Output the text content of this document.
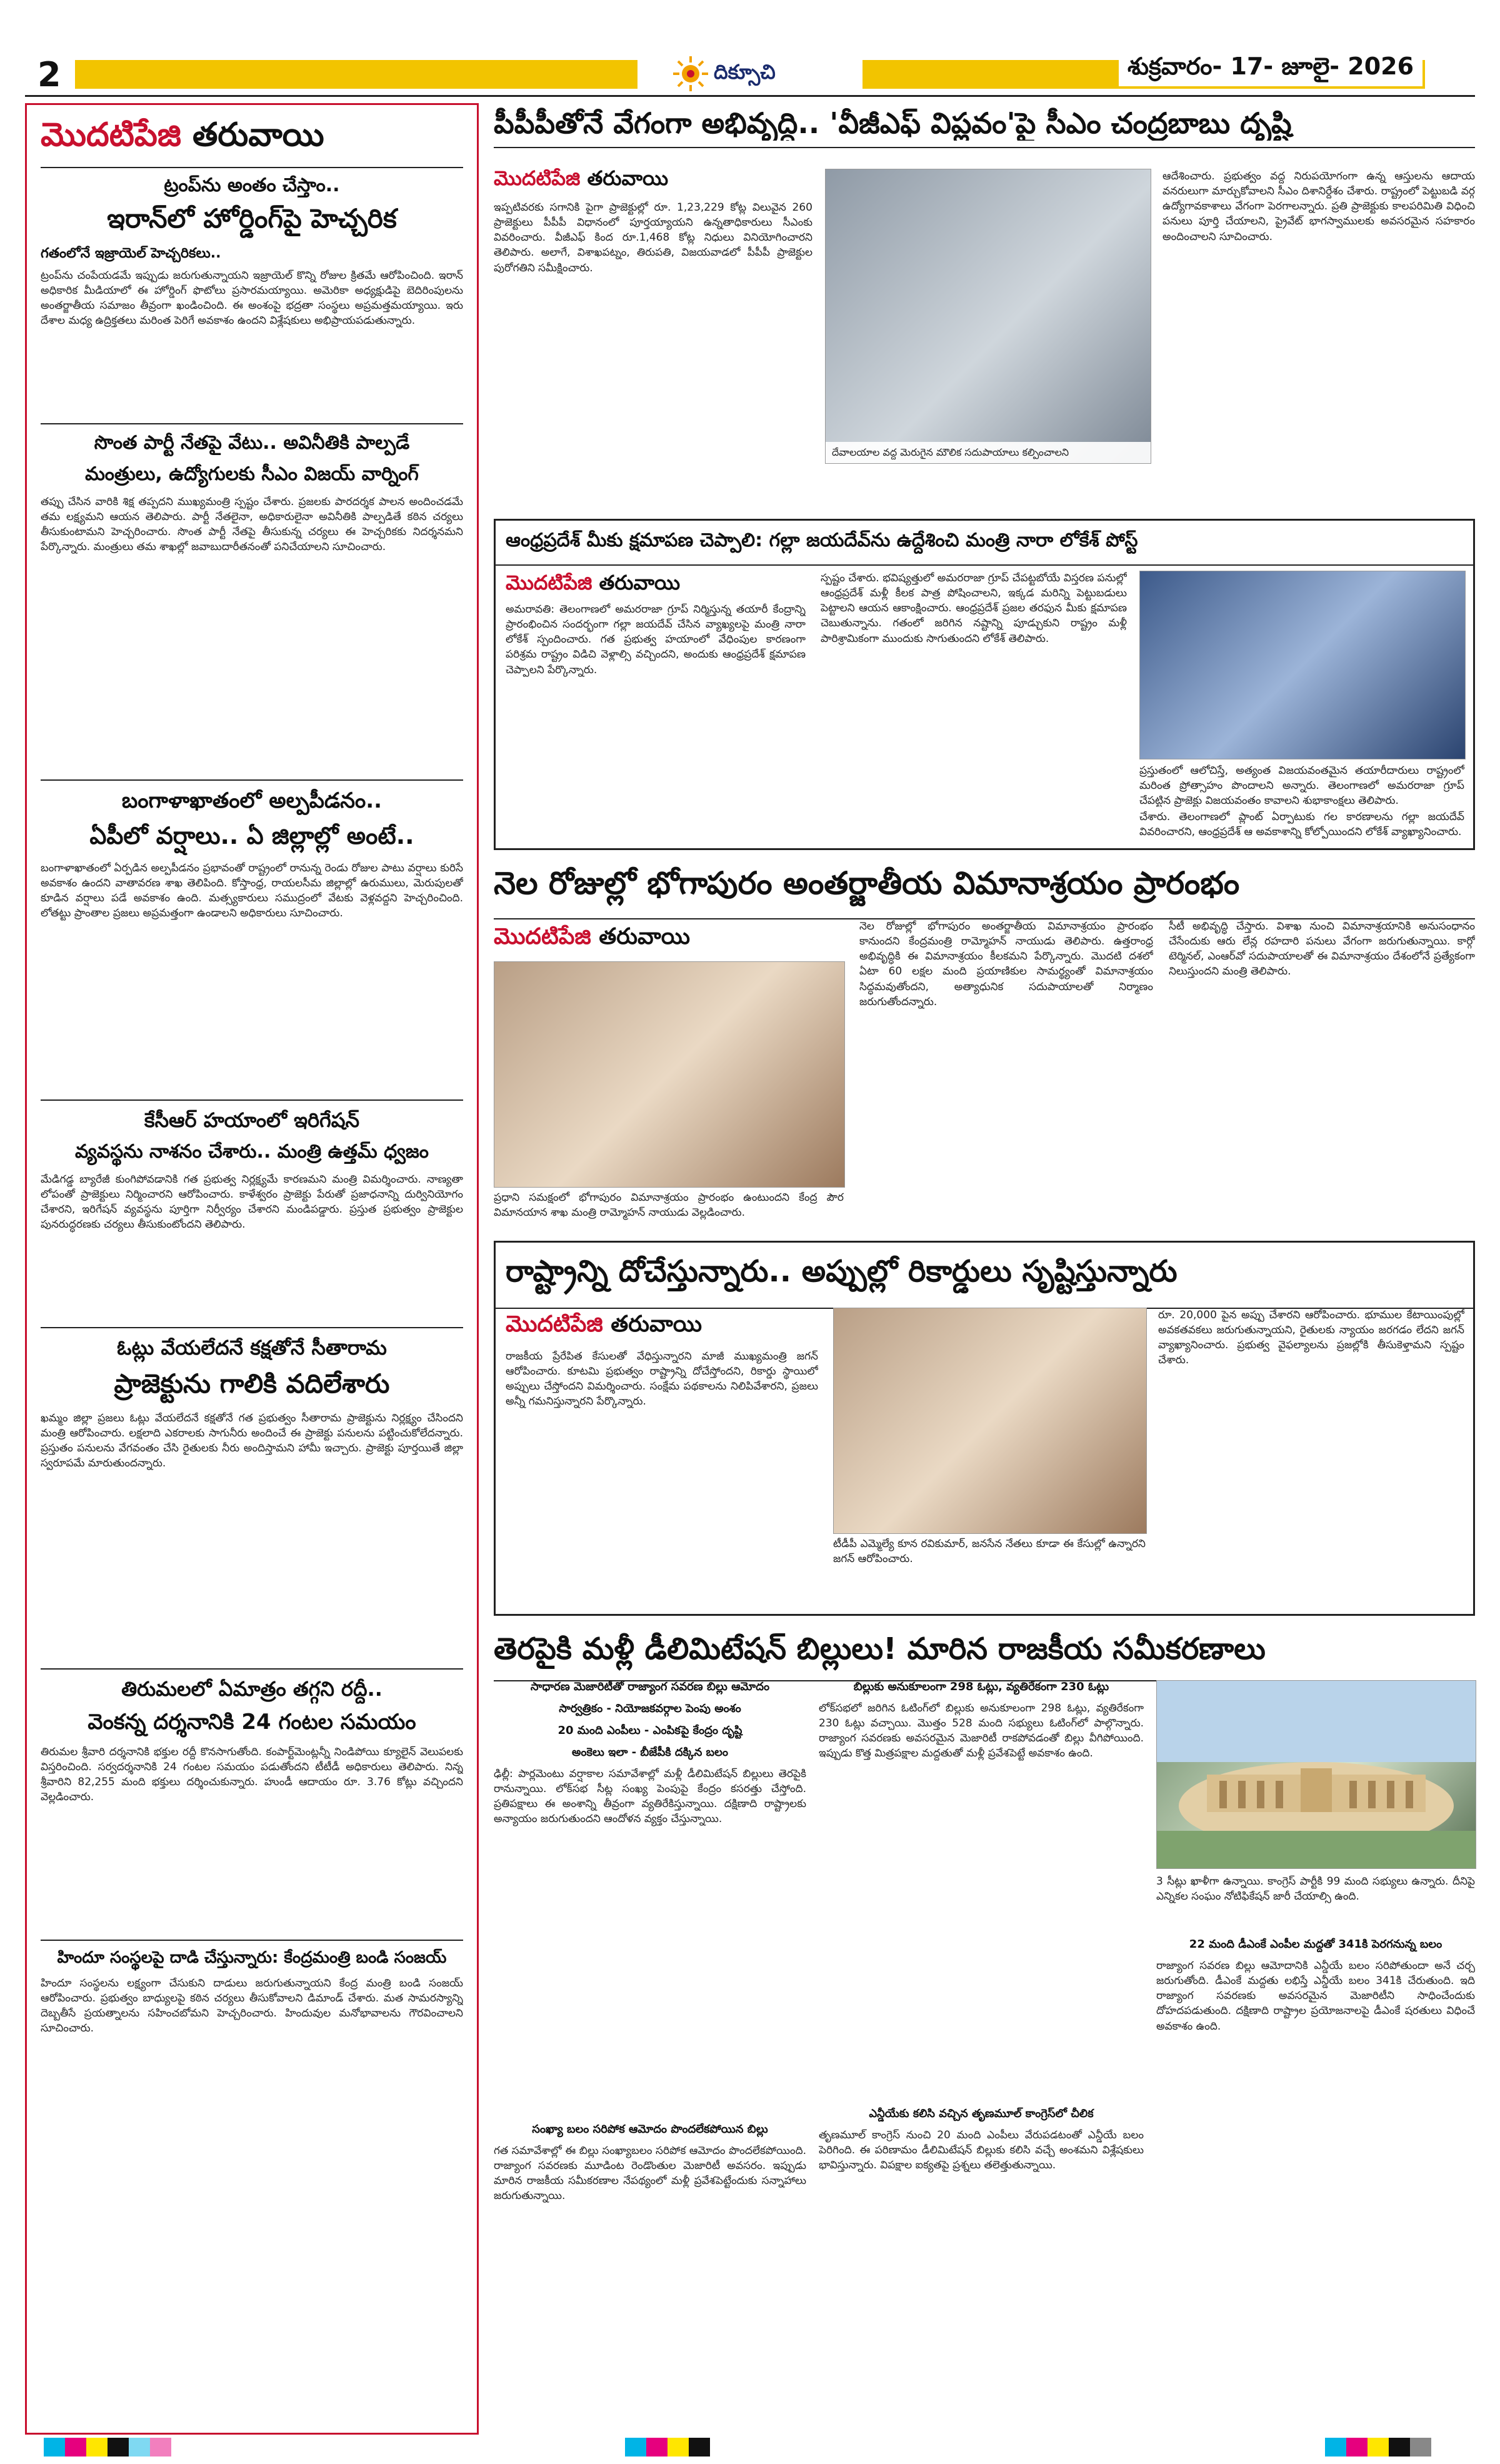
2	దిక్సూచి	శుక్రవారం- 17- జూలై- 2026
మొదటిపేజి తరువాయి
ట్రంప్‌ను అంతం చేస్తాం..
ఇరాన్‌లో హోర్డింగ్‌పై హెచ్చరిక
గతంలోనే ఇజ్రాయెల్ హెచ్చరికలు..
ట్రంప్‌ను చంపేయడమే ఇప్పుడు జరుగుతున్నాయని ఇజ్రాయెల్ కొన్ని రోజుల క్రితమే ఆరోపించింది. ఇరాన్ అధికారిక మీడియాలో ఈ హోర్డింగ్ ఫొటోలు ప్రసారమయ్యాయి. అమెరికా అధ్యక్షుడిపై బెదిరింపులను అంతర్జాతీయ సమాజం తీవ్రంగా ఖండించింది. ఈ అంశంపై భద్రతా సంస్థలు అప్రమత్తమయ్యాయి. ఇరు దేశాల మధ్య ఉద్రిక్తతలు మరింత పెరిగే అవకాశం ఉందని విశ్లేషకులు అభిప్రాయపడుతున్నారు.
సొంత పార్టీ నేతపై వేటు.. అవినీతికి పాల్పడే
మంత్రులు, ఉద్యోగులకు సీఎం విజయ్ వార్నింగ్
తప్పు చేసిన వారికి శిక్ష తప్పదని ముఖ్యమంత్రి స్పష్టం చేశారు. ప్రజలకు పారదర్శక పాలన అందించడమే తమ లక్ష్యమని ఆయన తెలిపారు. పార్టీ నేతలైనా, అధికారులైనా అవినీతికి పాల్పడితే కఠిన చర్యలు తీసుకుంటామని హెచ్చరించారు. సొంత పార్టీ నేతపై తీసుకున్న చర్యలు ఈ హెచ్చరికకు నిదర్శనమని పేర్కొన్నారు. మంత్రులు తమ శాఖల్లో జవాబుదారీతనంతో పనిచేయాలని సూచించారు.
బంగాళాఖాతంలో అల్పపీడనం..
ఏపీలో వర్షాలు.. ఏ జిల్లాల్లో అంటే..
బంగాళాఖాతంలో ఏర్పడిన అల్పపీడనం ప్రభావంతో రాష్ట్రంలో రానున్న రెండు రోజుల పాటు వర్షాలు కురిసే అవకాశం ఉందని వాతావరణ శాఖ తెలిపింది. కోస్తాంధ్ర, రాయలసీమ జిల్లాల్లో ఉరుములు, మెరుపులతో కూడిన వర్షాలు పడే అవకాశం ఉంది. మత్స్యకారులు సముద్రంలో వేటకు వెళ్లవద్దని హెచ్చరించింది. లోతట్టు ప్రాంతాల ప్రజలు అప్రమత్తంగా ఉండాలని అధికారులు సూచించారు.
కేసీఆర్ హయాంలో ఇరిగేషన్
వ్యవస్థను నాశనం చేశారు.. మంత్రి ఉత్తమ్ ధ్వజం
మేడిగడ్డ బ్యారేజీ కుంగిపోవడానికి గత ప్రభుత్వ నిర్లక్ష్యమే కారణమని మంత్రి విమర్శించారు. నాణ్యతా లోపంతో ప్రాజెక్టులు నిర్మించారని ఆరోపించారు. కాళేశ్వరం ప్రాజెక్టు పేరుతో ప్రజాధనాన్ని దుర్వినియోగం చేశారని, ఇరిగేషన్ వ్యవస్థను పూర్తిగా నిర్వీర్యం చేశారని మండిపడ్డారు. ప్రస్తుత ప్రభుత్వం ప్రాజెక్టుల పునరుద్ధరణకు చర్యలు తీసుకుంటోందని తెలిపారు.
ఓట్లు వేయలేదనే కక్షతోనే సీతారామ
ప్రాజెక్టును గాలికి వదిలేశారు
ఖమ్మం జిల్లా ప్రజలు ఓట్లు వేయలేదనే కక్షతోనే గత ప్రభుత్వం సీతారామ ప్రాజెక్టును నిర్లక్ష్యం చేసిందని మంత్రి ఆరోపించారు. లక్షలాది ఎకరాలకు సాగునీరు అందించే ఈ ప్రాజెక్టు పనులను పట్టించుకోలేదన్నారు. ప్రస్తుతం పనులను వేగవంతం చేసి రైతులకు నీరు అందిస్తామని హామీ ఇచ్చారు. ప్రాజెక్టు పూర్తయితే జిల్లా స్వరూపమే మారుతుందన్నారు.
తిరుమలలో ఏమాత్రం తగ్గని రద్దీ..
వెంకన్న దర్శనానికి 24 గంటల సమయం
తిరుమల శ్రీవారి దర్శనానికి భక్తుల రద్దీ కొనసాగుతోంది. కంపార్ట్‌మెంట్లన్నీ నిండిపోయి క్యూలైన్ వెలుపలకు విస్తరించింది. సర్వదర్శనానికి 24 గంటల సమయం పడుతోందని టీటీడీ అధికారులు తెలిపారు. నిన్న శ్రీవారిని 82,255 మంది భక్తులు దర్శించుకున్నారు. హుండీ ఆదాయం రూ. 3.76 కోట్లు వచ్చిందని వెల్లడించారు.
హిందూ సంస్థలపై దాడి చేస్తున్నారు: కేంద్రమంత్రి బండి సంజయ్
హిందూ సంస్థలను లక్ష్యంగా చేసుకుని దాడులు జరుగుతున్నాయని కేంద్ర మంత్రి బండి సంజయ్ ఆరోపించారు. ప్రభుత్వం బాధ్యులపై కఠిన చర్యలు తీసుకోవాలని డిమాండ్ చేశారు. మత సామరస్యాన్ని దెబ్బతీసే ప్రయత్నాలను సహించబోమని హెచ్చరించారు. హిందువుల మనోభావాలను గౌరవించాలని సూచించారు.
పీపీపీతోనే వేగంగా అభివృద్ధి.. 'వీజీఎఫ్ విప్లవం'పై సీఎం చంద్రబాబు దృష్టి
మొదటిపేజి తరువాయి
ఇప్పటివరకు సగానికి పైగా ప్రాజెక్టుల్లో రూ. 1,23,229 కోట్ల విలువైన 260 ప్రాజెక్టులు పీపీపీ విధానంలో పూర్తయ్యాయని ఉన్నతాధికారులు సీఎంకు వివరించారు. వీజీఎఫ్ కింద రూ.1,468 కోట్ల నిధులు వినియోగించారని తెలిపారు. అలాగే, విశాఖపట్నం, తిరుపతి, విజయవాడలో పీపీపీ ప్రాజెక్టుల పురోగతిని సమీక్షించారు.
దేవాలయాల వద్ద మెరుగైన మౌలిక సదుపాయాలు కల్పించాలని
ఆదేశించారు. ప్రభుత్వం వద్ద నిరుపయోగంగా ఉన్న ఆస్తులను ఆదాయ వనరులుగా మార్చుకోవాలని సీఎం దిశానిర్దేశం చేశారు. రాష్ట్రంలో పెట్టుబడి వర్గ ఉద్యోగావకాశాలు వేగంగా పెరగాలన్నారు. ప్రతి ప్రాజెక్టుకు కాలపరిమితి విధించి పనులు పూర్తి చేయాలని, ప్రైవేట్ భాగస్వాములకు అవసరమైన సహకారం అందించాలని సూచించారు.
ఆంధ్రప్రదేశ్ మీకు క్షమాపణ చెప్పాలి: గల్లా జయదేవ్‌ను ఉద్దేశించి మంత్రి నారా లోకేశ్ పోస్ట్
మొదటిపేజి తరువాయి
అమరావతి: తెలంగాణలో అమరరాజా గ్రూప్ నిర్మిస్తున్న తయారీ కేంద్రాన్ని ప్రారంభించిన సందర్భంగా గల్లా జయదేవ్ చేసిన వ్యాఖ్యలపై మంత్రి నారా లోకేశ్ స్పందించారు. గత ప్రభుత్వ హయాంలో వేధింపుల కారణంగా పరిశ్రమ రాష్ట్రం విడిచి వెళ్లాల్సి వచ్చిందని, అందుకు ఆంధ్రప్రదేశ్ క్షమాపణ చెప్పాలని పేర్కొన్నారు.
స్పష్టం చేశారు. భవిష్యత్తులో అమరరాజా గ్రూప్ చేపట్టబోయే విస్తరణ పనుల్లో ఆంధ్రప్రదేశ్ మళ్లీ కీలక పాత్ర పోషించాలని, ఇక్కడ మరిన్ని పెట్టుబడులు పెట్టాలని ఆయన ఆకాంక్షించారు. ఆంధ్రప్రదేశ్ ప్రజల తరఫున మీకు క్షమాపణ చెబుతున్నాను. గతంలో జరిగిన నష్టాన్ని పూడ్చుకుని రాష్ట్రం మళ్లీ పారిశ్రామికంగా ముందుకు సాగుతుందని లోకేశ్ తెలిపారు.
ప్రస్తుతంలో ఆలోచిస్తే, అత్యంత విజయవంతమైన తయారీదారులు రాష్ట్రంలో మరింత ప్రోత్సాహం పొందాలని అన్నారు. తెలంగాణలో అమరరాజా గ్రూప్ చేపట్టిన ప్రాజెక్టు విజయవంతం కావాలని శుభాకాంక్షలు తెలిపారు.
చేశారు. తెలంగాణలో ప్లాంట్ ఏర్పాటుకు గల కారణాలను గల్లా జయదేవ్ వివరించారని, ఆంధ్రప్రదేశ్ ఆ అవకాశాన్ని కోల్పోయిందని లోకేశ్ వ్యాఖ్యానించారు.
నెల రోజుల్లో భోగాపురం అంతర్జాతీయ విమానాశ్రయం ప్రారంభం
మొదటిపేజి తరువాయి
ప్రధాని సమక్షంలో భోగాపురం విమానాశ్రయం ప్రారంభం ఉంటుందని కేంద్ర పౌర విమానయాన శాఖ మంత్రి రామ్మోహన్ నాయుడు వెల్లడించారు.
నెల రోజుల్లో భోగాపురం అంతర్జాతీయ విమానాశ్రయం ప్రారంభం కానుందని కేంద్రమంత్రి రామ్మోహన్ నాయుడు తెలిపారు. ఉత్తరాంధ్ర అభివృద్ధికి ఈ విమానాశ్రయం కీలకమని పేర్కొన్నారు. మొదటి దశలో ఏటా 60 లక్షల మంది ప్రయాణికుల సామర్థ్యంతో విమానాశ్రయం సిద్ధమవుతోందని, అత్యాధునిక సదుపాయాలతో నిర్మాణం జరుగుతోందన్నారు.
సీటీ అభివృద్ధి చేస్తారు. విశాఖ నుంచి విమానాశ్రయానికి అనుసంధానం చేసేందుకు ఆరు లేన్ల రహదారి పనులు వేగంగా జరుగుతున్నాయి. కార్గో టెర్మినల్, ఎంఆర్‌వో సదుపాయాలతో ఈ విమానాశ్రయం దేశంలోనే ప్రత్యేకంగా నిలుస్తుందని మంత్రి తెలిపారు.
రాష్ట్రాన్ని దోచేస్తున్నారు.. అప్పుల్లో రికార్డులు సృష్టిస్తున్నారు
మొదటిపేజి తరువాయి
రాజకీయ ప్రేరేపిత కేసులతో వేధిస్తున్నారని మాజీ ముఖ్యమంత్రి జగన్ ఆరోపించారు. కూటమి ప్రభుత్వం రాష్ట్రాన్ని దోచేస్తోందని, రికార్డు స్థాయిలో అప్పులు చేస్తోందని విమర్శించారు. సంక్షేమ పథకాలను నిలిపివేశారని, ప్రజలు అన్నీ గమనిస్తున్నారని పేర్కొన్నారు.
టీడీపీ ఎమ్మెల్యే కూన రవికుమార్, జనసేన నేతలు కూడా ఈ కేసుల్లో ఉన్నారని జగన్ ఆరోపించారు.
రూ. 20,000 పైన అప్పు చేశారని ఆరోపించారు. భూముల కేటాయింపుల్లో అవకతవకలు జరుగుతున్నాయని, రైతులకు న్యాయం జరగడం లేదని జగన్ వ్యాఖ్యానించారు. ప్రభుత్వ వైఫల్యాలను ప్రజల్లోకి తీసుకెళ్తామని స్పష్టం చేశారు.
తెరపైకి మళ్లీ డీలిమిటేషన్ బిల్లులు! మారిన రాజకీయ సమీకరణాలు
సాధారణ మెజారిటీతో రాజ్యాంగ సవరణ బిల్లు ఆమోదం
సార్వత్రికం - నియోజకవర్గాల పెంపు అంశం
20 మంది ఎంపీలు - ఎంపికపై కేంద్రం దృష్టి
అంకెలు ఇలా - బీజేపీకి దక్కిన బలం
ఢిల్లీ: పార్లమెంటు వర్షాకాల సమావేశాల్లో మళ్లీ డీలిమిటేషన్ బిల్లులు తెరపైకి రానున్నాయి. లోక్‌సభ సీట్ల సంఖ్య పెంపుపై కేంద్రం కసరత్తు చేస్తోంది. ప్రతిపక్షాలు ఈ అంశాన్ని తీవ్రంగా వ్యతిరేకిస్తున్నాయి. దక్షిణాది రాష్ట్రాలకు అన్యాయం జరుగుతుందని ఆందోళన వ్యక్తం చేస్తున్నాయి.
సంఖ్యా బలం సరిపోక ఆమోదం పొందలేకపోయిన బిల్లు
గత సమావేశాల్లో ఈ బిల్లు సంఖ్యాబలం సరిపోక ఆమోదం పొందలేకపోయింది. రాజ్యాంగ సవరణకు మూడింట రెండొంతుల మెజారిటీ అవసరం. ఇప్పుడు మారిన రాజకీయ సమీకరణాల నేపథ్యంలో మళ్లీ ప్రవేశపెట్టేందుకు సన్నాహాలు జరుగుతున్నాయి.
బిల్లుకు అనుకూలంగా 298 ఓట్లు, వ్యతిరేకంగా 230 ఓట్లు
లోక్‌సభలో జరిగిన ఓటింగ్‌లో బిల్లుకు అనుకూలంగా 298 ఓట్లు, వ్యతిరేకంగా 230 ఓట్లు వచ్చాయి. మొత్తం 528 మంది సభ్యులు ఓటింగ్‌లో పాల్గొన్నారు. రాజ్యాంగ సవరణకు అవసరమైన మెజారిటీ రాకపోవడంతో బిల్లు వీగిపోయింది. ఇప్పుడు కొత్త మిత్రపక్షాల మద్దతుతో మళ్లీ ప్రవేశపెట్టే అవకాశం ఉంది.
ఎన్డీయేకు కలిసి వచ్చిన తృణమూల్ కాంగ్రెస్‌లో చీలిక
తృణమూల్ కాంగ్రెస్ నుంచి 20 మంది ఎంపీలు వేరుపడటంతో ఎన్డీయే బలం పెరిగింది. ఈ పరిణామం డీలిమిటేషన్ బిల్లుకు కలిసి వచ్చే అంశమని విశ్లేషకులు భావిస్తున్నారు. విపక్షాల ఐక్యతపై ప్రశ్నలు తలెత్తుతున్నాయి.
3 సీట్లు ఖాళీగా ఉన్నాయి. కాంగ్రెస్ పార్టీకి 99 మంది సభ్యులు ఉన్నారు. దీనిపై ఎన్నికల సంఘం నోటిఫికేషన్ జారీ చేయాల్సి ఉంది.
22 మంది డీఎంకే ఎంపీల మద్దతో 341కి పెరగనున్న బలం
రాజ్యాంగ సవరణ బిల్లు ఆమోదానికి ఎన్డీయే బలం సరిపోతుందా అనే చర్చ జరుగుతోంది. డీఎంకే మద్దతు లభిస్తే ఎన్డీయే బలం 341కి చేరుతుంది. ఇది రాజ్యాంగ సవరణకు అవసరమైన మెజారిటీని సాధించేందుకు దోహదపడుతుంది. దక్షిణాది రాష్ట్రాల ప్రయోజనాలపై డీఎంకే షరతులు విధించే అవకాశం ఉంది.
